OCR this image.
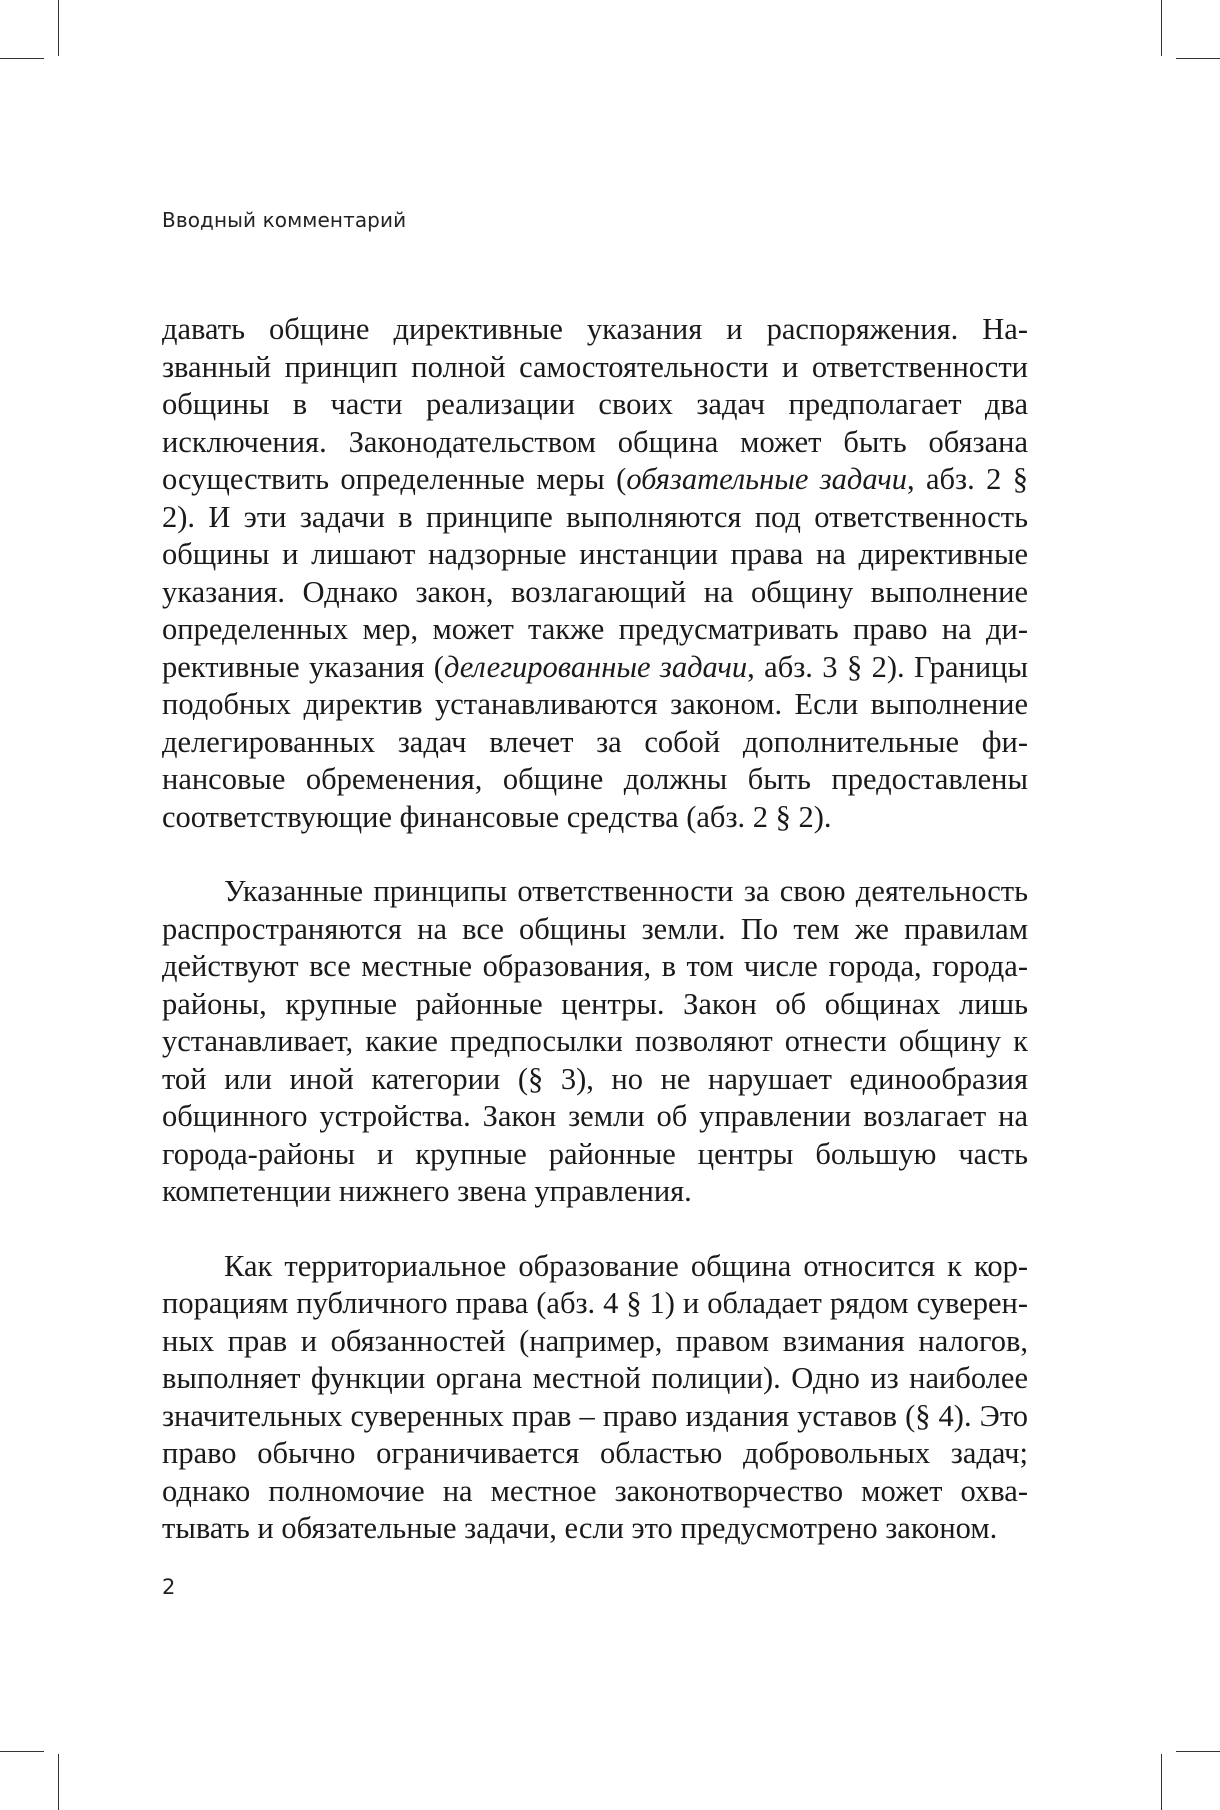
Вводный комментарий

давать общине директивные указания и распоряжения. Названный принцип полной самостоятельности и ответственности общины в части реализации своих задач предполагает два исключения. Законодательством община может быть обязана осуществить определенные меры (обязательные задачи, абз. 2 § 2). И эти задачи в принципе выполняются под ответственность общины и лишают надзорные инстанции права на директивные указания. Однако закон, возлагающий на общину выполнение определенных мер, может также предусматривать право на директивные указания (делегированные задачи, абз. 3 § 2). Границы подобных директив устанавливаются законом. Если выполнение делегированных задач влечет за собой дополнительные финансовые обременения, общине должны быть предоставлены соответствующие финансовые средства (абз. 2 § 2).

Указанные принципы ответственности за свою деятельность распространяются на все общины земли. По тем же правилам действуют все местные образования, в том числе города, города-районы, крупные районные центры. Закон об общинах лишь устанавливает, какие предпосылки позволяют отнести общину к той или иной категории (§ 3), но не нарушает единообразия общинного устройства. Закон земли об управлении возлагает на города-районы и крупные районные центры большую часть компетенции нижнего звена управления.

Как территориальное образование община относится к корпорациям публичного права (абз. 4 § 1) и обладает рядом суверенных прав и обязанностей (например, правом взимания налогов, выполняет функции органа местной полиции). Одно из наиболее значительных суверенных прав – право издания уставов (§ 4). Это право обычно ограничивается областью добровольных задач; однако полномочие на местное законотворчество может охватывать и обязательные задачи, если это предусмотрено законом.

2
